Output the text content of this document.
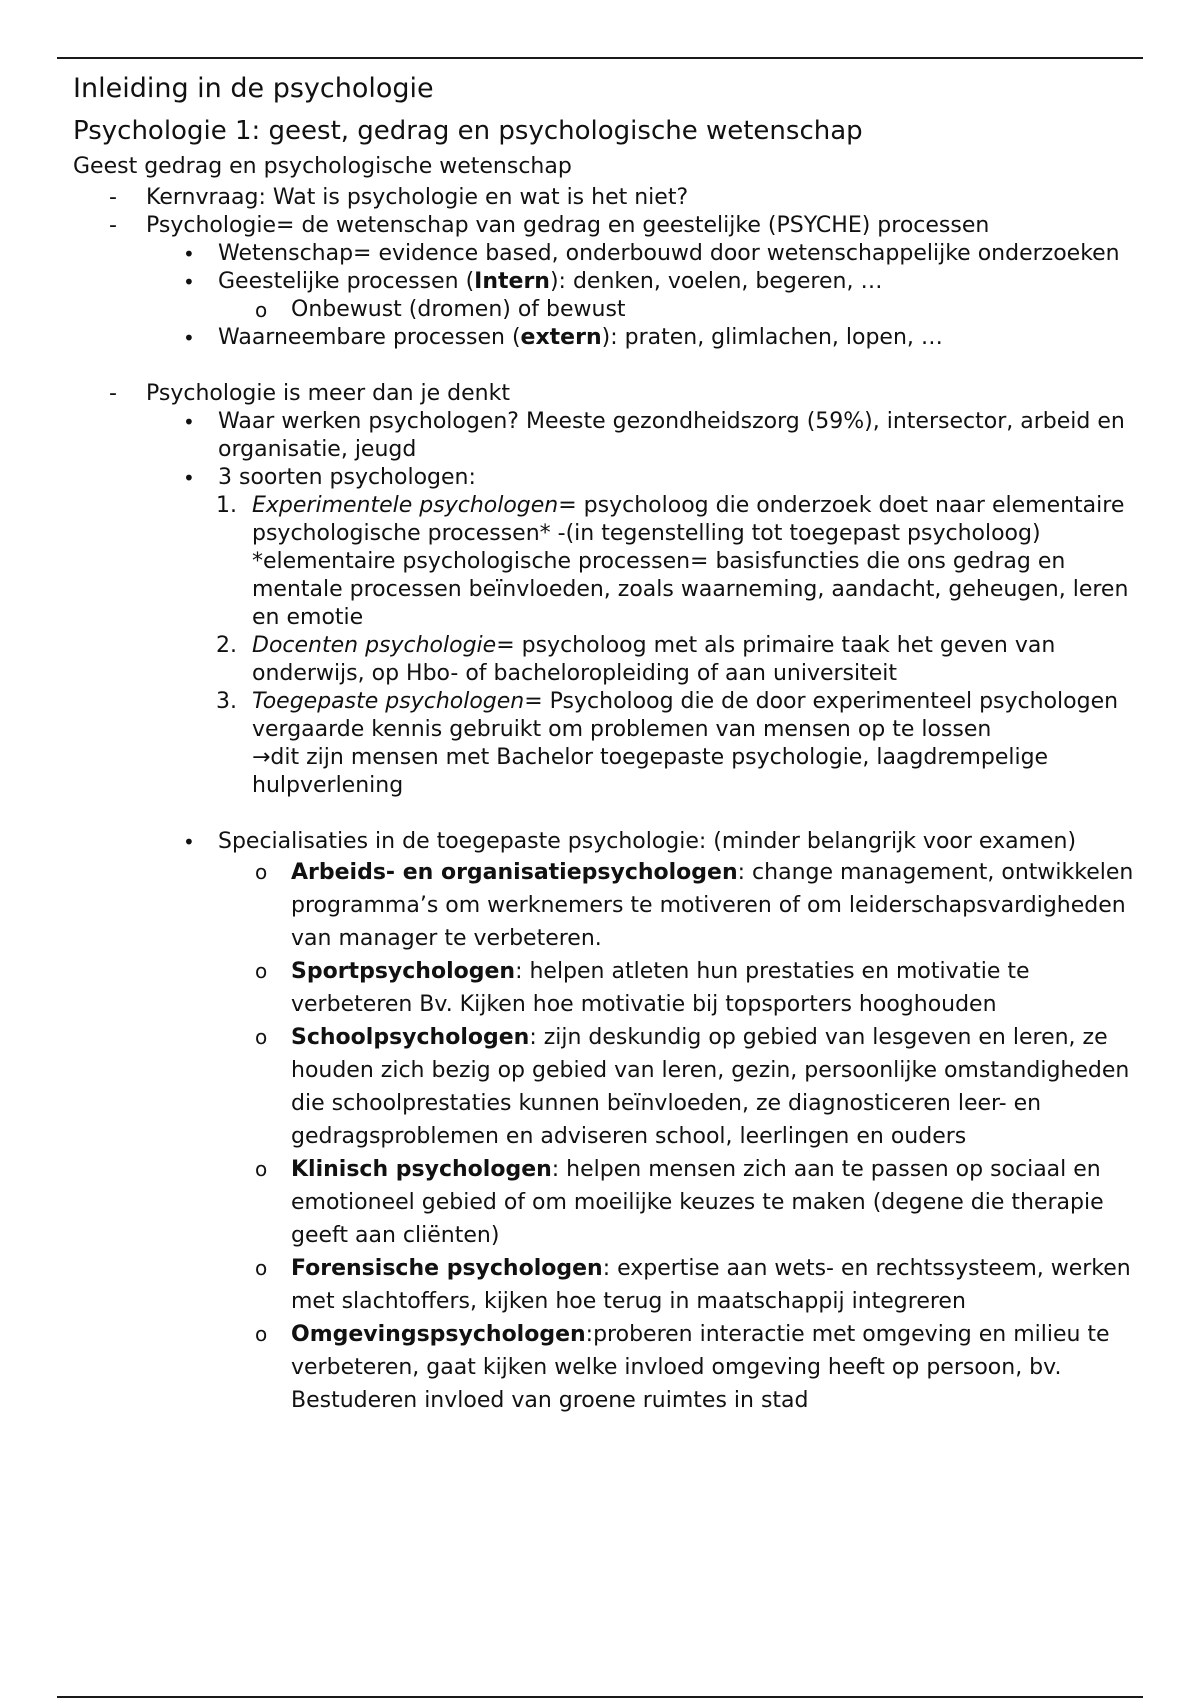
Inleiding in de psychologie
Psychologie 1: geest, gedrag en psychologische wetenschap
Geest gedrag en psychologische wetenschap
- Kernvraag: Wat is psychologie en wat is het niet?
- Psychologie= de wetenschap van gedrag en geestelijke (PSYCHE) processen
• Wetenschap= evidence based, onderbouwd door wetenschappelijke onderzoeken
• Geestelijke processen (Intern): denken, voelen, begeren, …
o Onbewust (dromen) of bewust
• Waarneembare processen (extern): praten, glimlachen, lopen, …
- Psychologie is meer dan je denkt
• Waar werken psychologen? Meeste gezondheidszorg (59%), intersector, arbeid en organisatie, jeugd
• 3 soorten psychologen:
1. Experimentele psychologen= psycholoog die onderzoek doet naar elementaire psychologische processen* -(in tegenstelling tot toegepast psycholoog)
*elementaire psychologische processen= basisfuncties die ons gedrag en mentale processen beïnvloeden, zoals waarneming, aandacht, geheugen, leren en emotie
2. Docenten psychologie= psycholoog met als primaire taak het geven van onderwijs, op Hbo- of bacheloropleiding of aan universiteit
3. Toegepaste psychologen= Psycholoog die de door experimenteel psychologen vergaarde kennis gebruikt om problemen van mensen op te lossen
→dit zijn mensen met Bachelor toegepaste psychologie, laagdrempelige hulpverlening
• Specialisaties in de toegepaste psychologie: (minder belangrijk voor examen)
o Arbeids- en organisatiepsychologen: change management, ontwikkelen programma’s om werknemers te motiveren of om leiderschapsvardigheden van manager te verbeteren.
o Sportpsychologen: helpen atleten hun prestaties en motivatie te verbeteren Bv. Kijken hoe motivatie bij topsporters hooghouden
o Schoolpsychologen: zijn deskundig op gebied van lesgeven en leren, ze houden zich bezig op gebied van leren, gezin, persoonlijke omstandigheden die schoolprestaties kunnen beïnvloeden, ze diagnosticeren leer- en gedragsproblemen en adviseren school, leerlingen en ouders
o Klinisch psychologen: helpen mensen zich aan te passen op sociaal en emotioneel gebied of om moeilijke keuzes te maken (degene die therapie geeft aan cliënten)
o Forensische psychologen: expertise aan wets- en rechtssysteem, werken met slachtoffers, kijken hoe terug in maatschappij integreren
o Omgevingspsychologen:proberen interactie met omgeving en milieu te verbeteren, gaat kijken welke invloed omgeving heeft op persoon, bv. Bestuderen invloed van groene ruimtes in stad
